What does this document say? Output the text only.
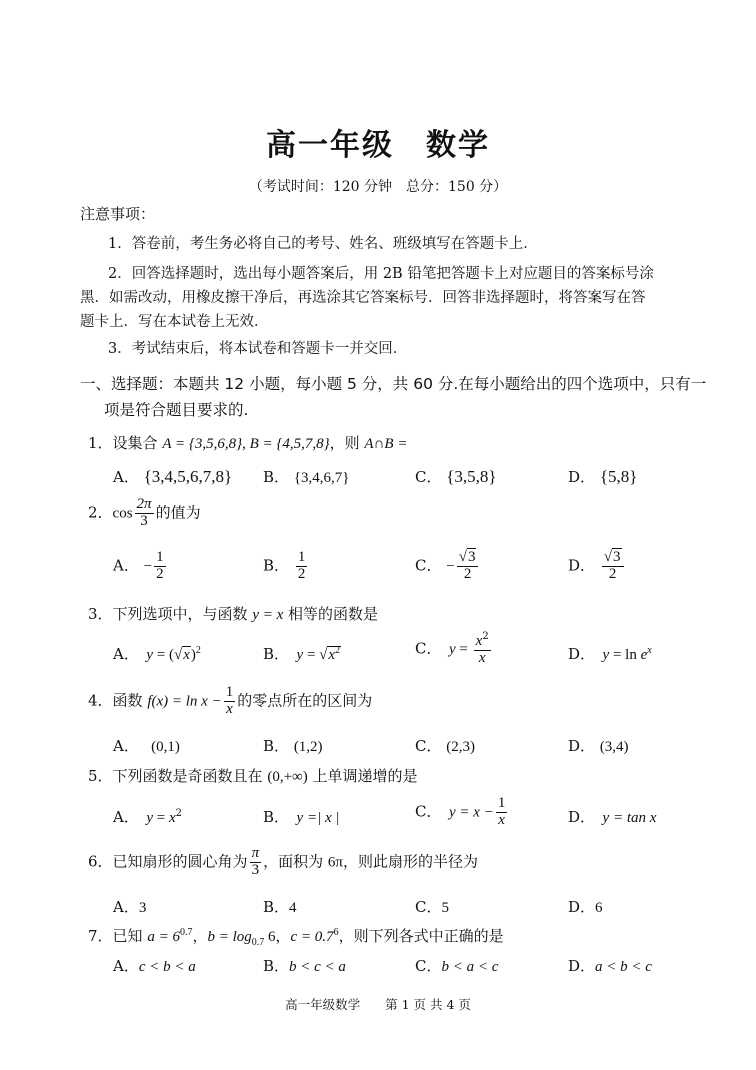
高一年级　数学
（考试时间：120 分钟　总分：150 分）
注意事项：
1．答卷前，考生务必将自己的考号、姓名、班级填写在答题卡上．
2．回答选择题时，选出每小题答案后，用 2B 铅笔把答题卡上对应题目的答案标号涂
黑．如需改动，用橡皮擦干净后，再选涂其它答案标号．回答非选择题时，将答案写在答
题卡上．写在本试卷上无效．
3．考试结束后，将本试卷和答题卡一并交回．
一、选择题：本题共 12 小题，每小题 5 分，共 60 分.在每小题给出的四个选项中，只有一
项是符合题目要求的.
1．设集合 A = {3,5,6,8}, B = {4,5,7,8}，则 A∩B =
A． {3,4,5,6,7,8} B． {3,4,6,7}	C． {3,5,8}	D． {5,8}
2．$\cos \frac{2\pi}{3}$ 的值为
A． − $\frac{1}{2}$	B． $\frac{1}{2}$	C． − $\frac{√3}{2}$	D． $\frac{√3}{2}$
3．下列选项中，与函数 y = x 相等的函数是
A．　 $y = (√x)^2$	B．　 $y = √x^2$	C．　 $y = \frac{x^2}{x}$	D．　 $y = \ln e^x$
4．函数 $f(x) = \ln x - \frac{1}{x}$ 的零点所在的区间为
A．　 (0,1)	B． (1,2)	C． (2,3)	D． (3,4)
5．下列函数是奇函数且在 (0,+∞) 上单调递增的是
A．　 $y = x^2$	B．　 y =| x |	C．　 $y = x - \frac{1}{x}$	D．　 y = tan x
6．已知扇形的圆心角为 $\frac{\pi}{3}$ ，面积为 6π，则此扇形的半径为
A．3	B．4	C．5	D．6
7．已知 $a = 6^{0.7}$，$b = \log_{0.7} 6$，$c = 0.7^6$，则下列各式中正确的是
A．c < b < a	B．b < c < a	C．b < a < c	D．a < b < c
高一年级数学　　第 1 页 共 4 页
